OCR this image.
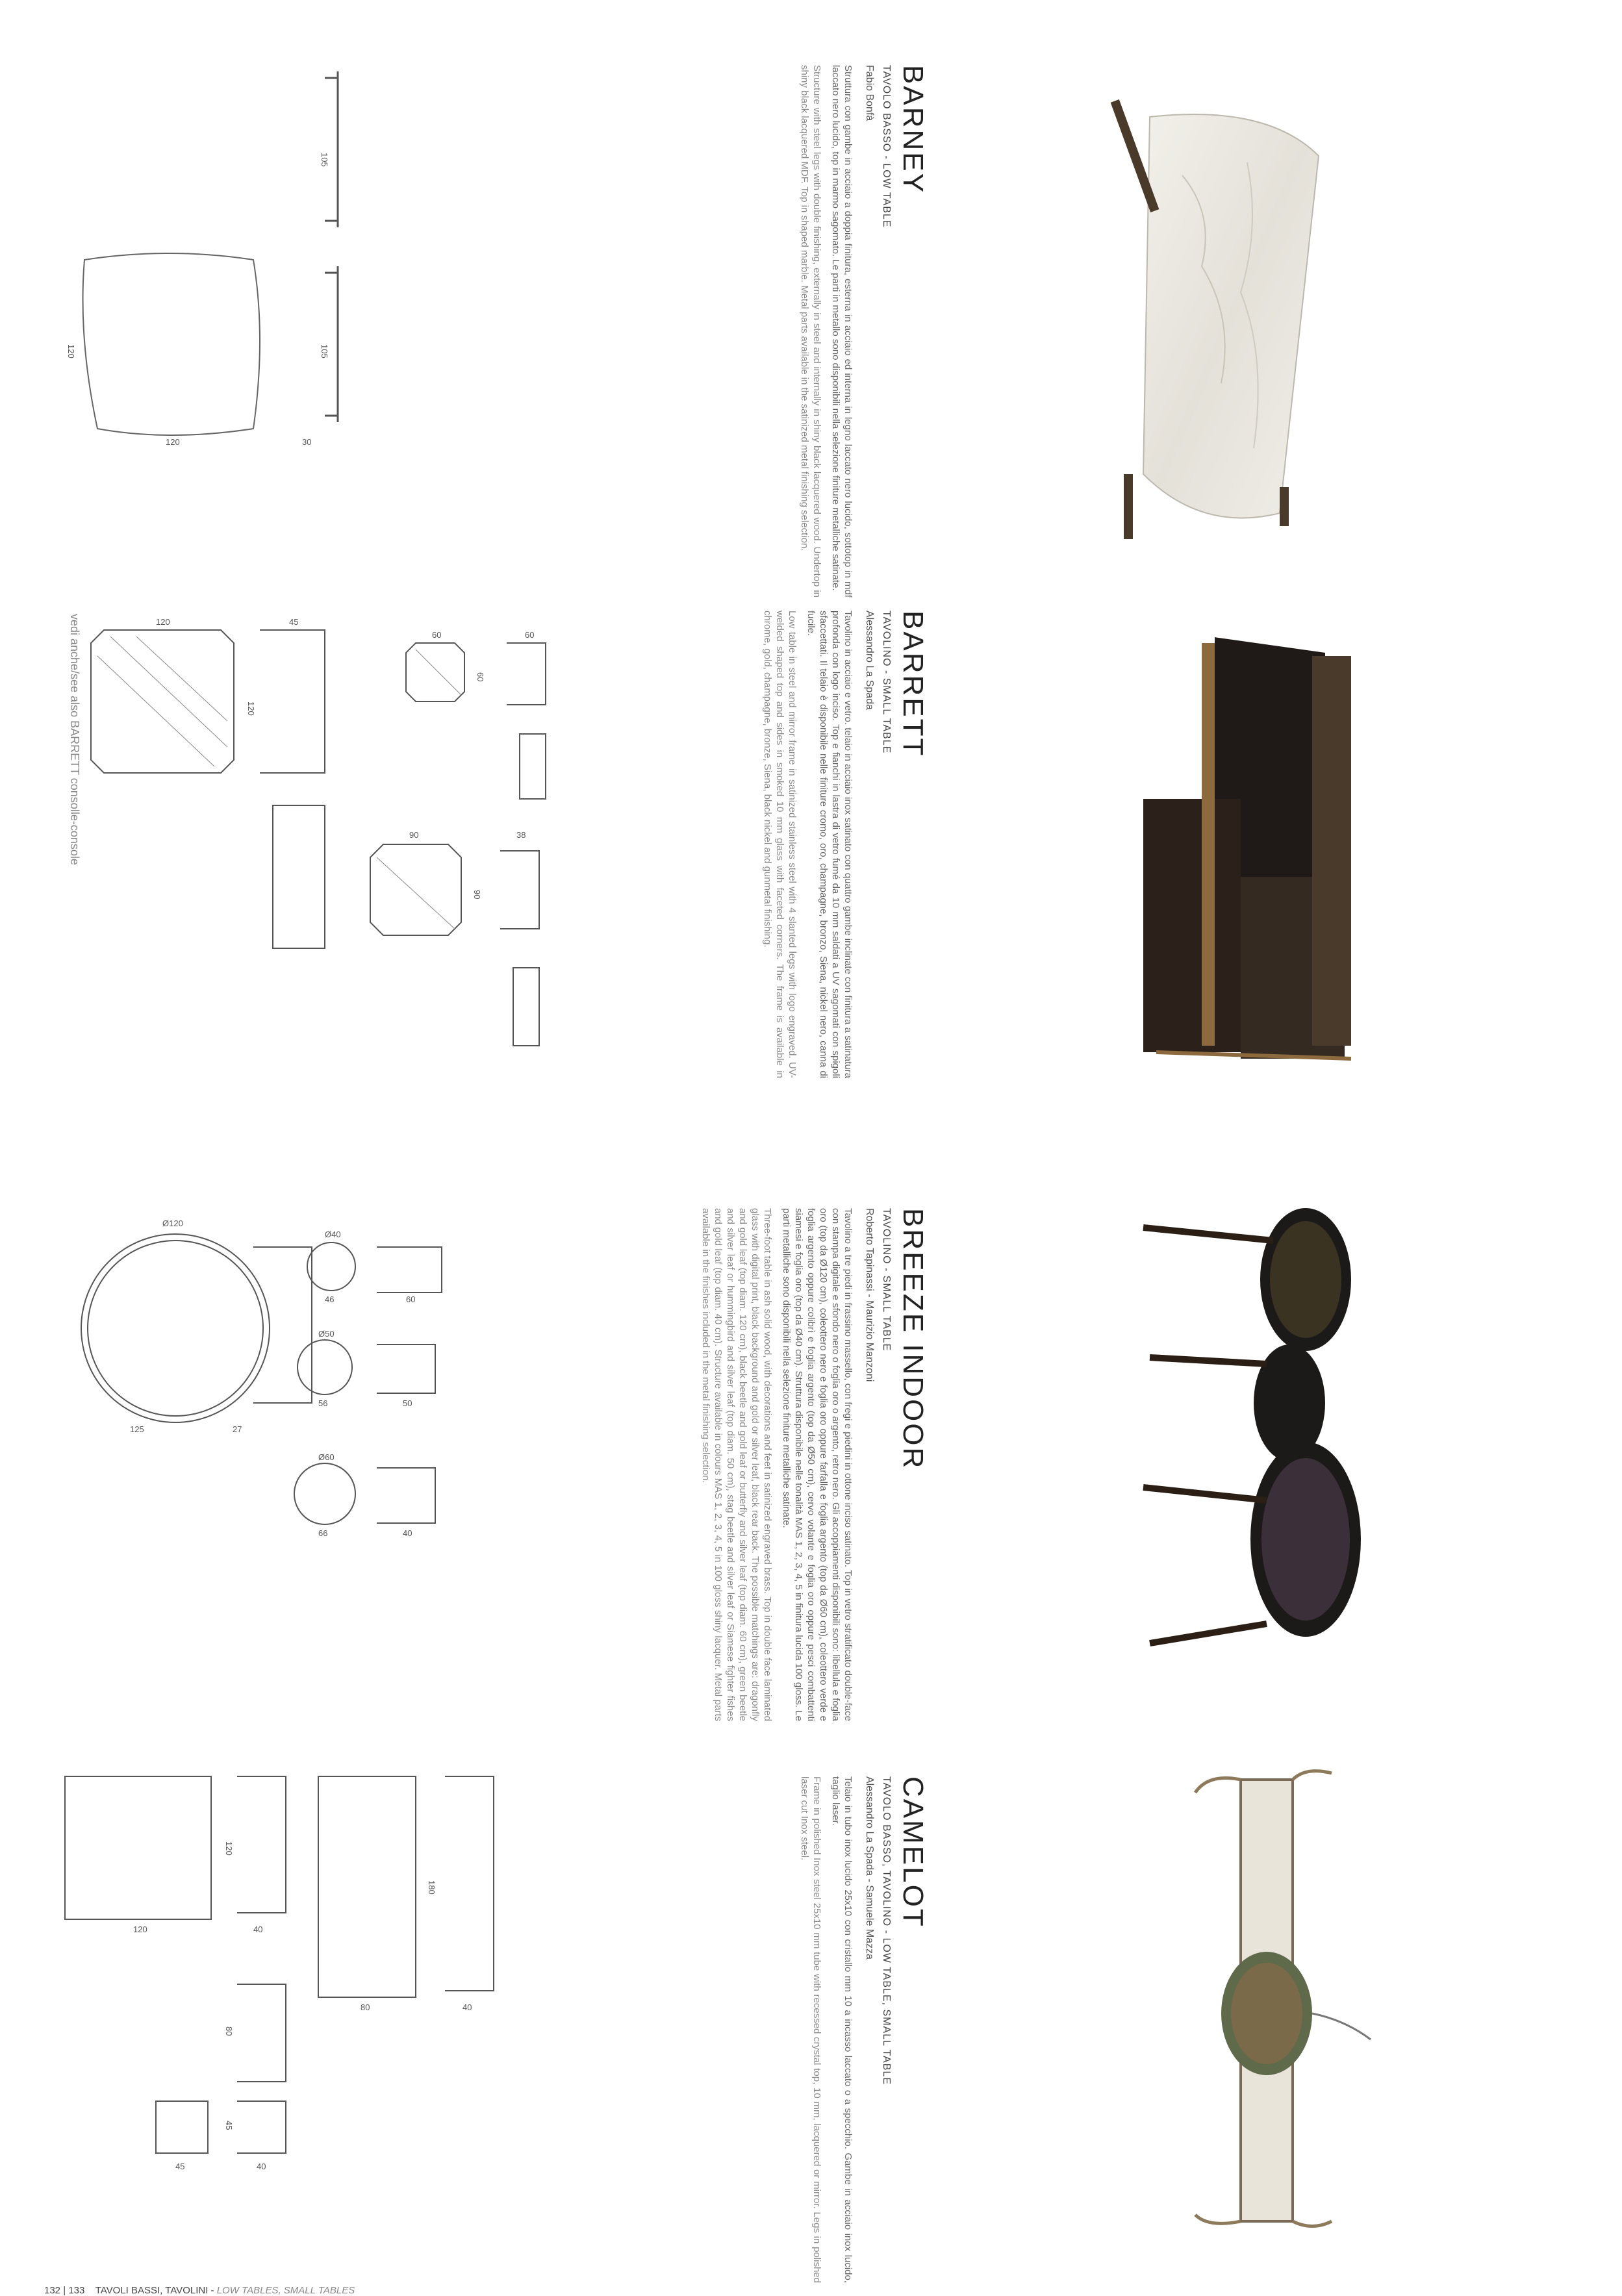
BARNEY
TAVOLO BASSO - LOW TABLE
Fabio Bonfà
Struttura con gambe in acciaio a doppia finitura, esterna in acciaio ed interna in legno laccato nero lucido, sottotop in mdf laccato nero lucido, top in marmo sagomato. Le parti in metallo sono disponibili nella selezione finiture metalliche satinate.
Structure with steel legs with double finishing, externally in steel and internally in shiny black lacquered wood. Undertop in shiny black lacquered MDF. Top in shaped marble. Metal parts available in the satinized metal finishing selection.
105
105
30
120
120
BARRETT
TAVOLINO - SMALL TABLE
Alessandro La Spada
Tavolino in acciaio e vetro. telaio in acciaio inox satinato con quattro gambe inclinate con finitura a satinatura profonda con logo inciso. Top e fianchi in lastra di vetro fumé da 10 mm saldati a UV sagomati con spigoli sfaccettati. Il telaio è disponibile nelle finiture cromo, oro, champagne, bronzo, Siena, nickel nero, canna di fucile.
Low table in steel and mirror frame in satinized stainless steel with 4 slanted legs with logo engraved. UV-welded shaped top and sides in smoked 10 mm glass with faceted corners. The frame is available in chrome, gold, champagne, bronze, Siena, black nickel and gunmetal finishing.
120	45
120
60	60
60
90	38
90
vedi anche/see also BARRETT consolle-console
BREEZE INDOOR
TAVOLINO - SMALL TABLE
Roberto Tapinassi - Maurizio Manzoni
Tavolino a tre piedi in frassino massello, con fregi e piedini in ottone inciso satinato. Top in vetro stratificato double-face con stampa digitale e sfondo nero o foglia oro o argento, retro nero. Gli accoppiamenti disponibili sono: libellula e foglia oro (top da Ø120 cm), coleottero nero e foglia oro oppure farfalla e foglia argento (top da Ø60 cm), coleottero verde e foglia argento oppure colibrì e foglia argento (top da Ø50 cm), cervo volante e foglia oro oppure pesci combattenti siamesi e foglia oro (top da Ø40 cm). Struttura disponibile nelle tonalità MAS 1, 2, 3, 4, 5 in finitura lucida 100 gloss. Le parti metalliche sono disponibili nella selezione finiture metalliche satinate.
Three-foot table in ash solid wood, with decorations and feet in satinized engraved brass. Top in double face laminated glass with digital print, black background and gold or silver leaf, black rear back. The possible matchings are: dragonfly and gold leaf (top diam. 120 cm), black beetle and gold leaf or butterfly and silver leaf (top diam. 60 cm), green beetle and silver leaf or hummingbird and silver leaf (top diam. 50 cm), stag beetle and silver leaf or Siamese fighter fishes and gold leaf (top diam. 40 cm). Structure available in colours MAS 1, 2, 3, 4, 5 in 100 gloss shiny lacquer. Metal parts available in the finishes included in the metal finishing selection.
Ø120
125	27
Ø40
46	60
Ø50
56	50
Ø60
66	40
CAMELOT
TAVOLO BASSO, TAVOLINO - LOW TABLE, SMALL TABLE
Alessandro La Spada - Samuele Mazza
Telaio in tubo inox lucido 25x10 con cristallo mm 10 a incasso laccato o a specchio. Gambe in acciaio inox lucido, taglio laser.
Frame in polished Inox steel 25x10 mm tube with recessed crystal top, 10 mm, lacquered or mirror. Legs in polished laser cut Inox steel.
120
120	40
180
80	40
80
45
45	40
132 | 133 TAVOLI BASSI, TAVOLINI - LOW TABLES, SMALL TABLES
